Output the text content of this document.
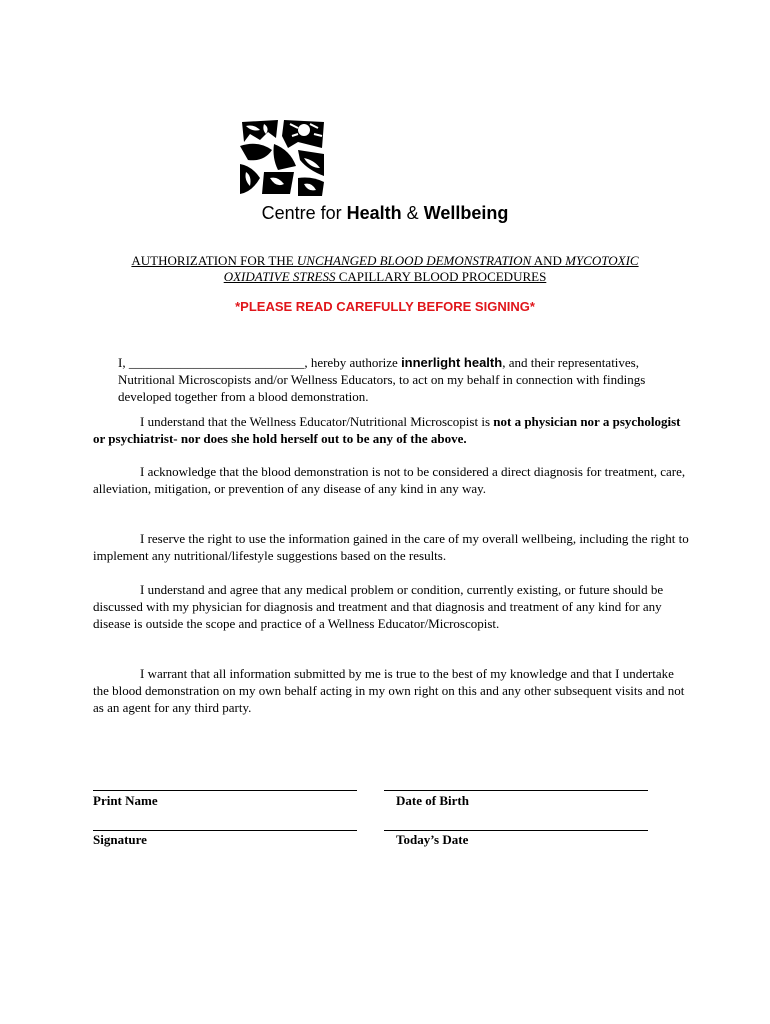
Centre for Health & Wellbeing
AUTHORIZATION FOR THE UNCHANGED BLOOD DEMONSTRATION AND MYCOTOXIC
OXIDATIVE STRESS CAPILLARY BLOOD PROCEDURES
*PLEASE READ CAREFULLY BEFORE SIGNING*
I, ___________________________, hereby authorize innerlight health, and their representatives, Nutritional Microscopists and/or Wellness Educators, to act on my behalf in connection with findings developed together from a blood demonstration.
I understand that the Wellness Educator/Nutritional Microscopist is not a physician nor a psychologist or psychiatrist- nor does she hold herself out to be any of the above.
I acknowledge that the blood demonstration is not to be considered a direct diagnosis for treatment, care, alleviation, mitigation, or prevention of any disease of any kind in any way.
I reserve the right to use the information gained in the care of my overall wellbeing, including the right to implement any nutritional/lifestyle suggestions based on the results.
I understand and agree that any medical problem or condition, currently existing, or future should be discussed with my physician for diagnosis and treatment and that diagnosis and treatment of any kind for any disease is outside the scope and practice of a Wellness Educator/Microscopist.
I warrant that all information submitted by me is true to the best of my knowledge and that I undertake the blood demonstration on my own behalf acting in my own right on this and any other subsequent visits and not as an agent for any third party.
Print Name	Date of Birth
Signature	Today’s Date
